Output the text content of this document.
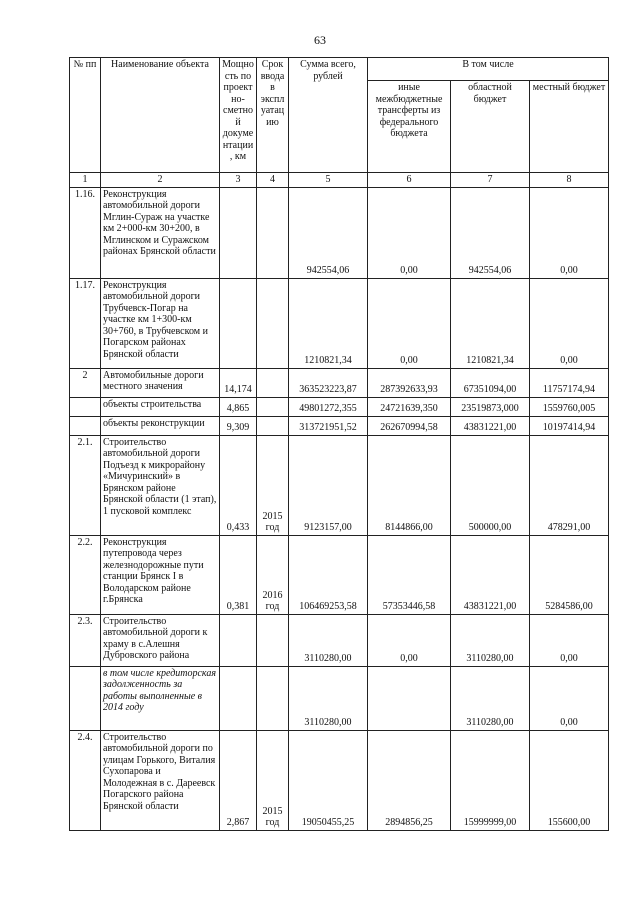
63
№ пп	Наименование объекта	Мощность по проектно-сметной документации, км	Срок ввода в эксплуатацию	Сумма всего, рублей	В том числе		
					иные межбюджетные трансферты из федерального бюджета	областной бюджет	местный бюджет
1	2	3	4	5	6	7	8
1.16.	Реконструкция автомобильной дороги Мглин-Сураж на участке км 2+000-км 30+200, в Мглинском и Суражском районах Брянской области			942554,06	0,00	942554,06	0,00
1.17.	Реконструкция автомобильной дороги Трубчевск-Погар на участке км 1+300-км 30+760, в Трубчевском и Погарском районах Брянской области			1210821,34	0,00	1210821,34	0,00
2	Автомобильные дороги местного значения	14,174		363523223,87	287392633,93	67351094,00	11757174,94
	объекты строительства	4,865		49801272,355	24721639,350	23519873,000	1559760,005
	объекты реконструкции	9,309		313721951,52	262670994,58	43831221,00	10197414,94
2.1.	Строительство автомобильной дороги Подъезд к микрорайону «Мичуринский» в Брянском районе Брянской области (1 этап), 1 пусковой комплекс	0,433	2015 год	9123157,00	8144866,00	500000,00	478291,00
2.2.	Реконструкция путепровода через железнодорожные пути станции Брянск I в Володарском районе г.Брянска	0,381	2016 год	106469253,58	57353446,58	43831221,00	5284586,00
2.3.	Строительство автомобильной дороги к храму в с.Алешня Дубровского района			3110280,00	0,00	3110280,00	0,00
	в том числе кредиторская задолженность за работы выполненные в 2014 году			3110280,00		3110280,00	0,00
2.4.	Строительство автомобильной дороги по улицам Горького, Виталия Сухопарова и Молодежная в с. Дареевск Погарского района Брянской области	2,867	2015 год	19050455,25	2894856,25	15999999,00	155600,00
